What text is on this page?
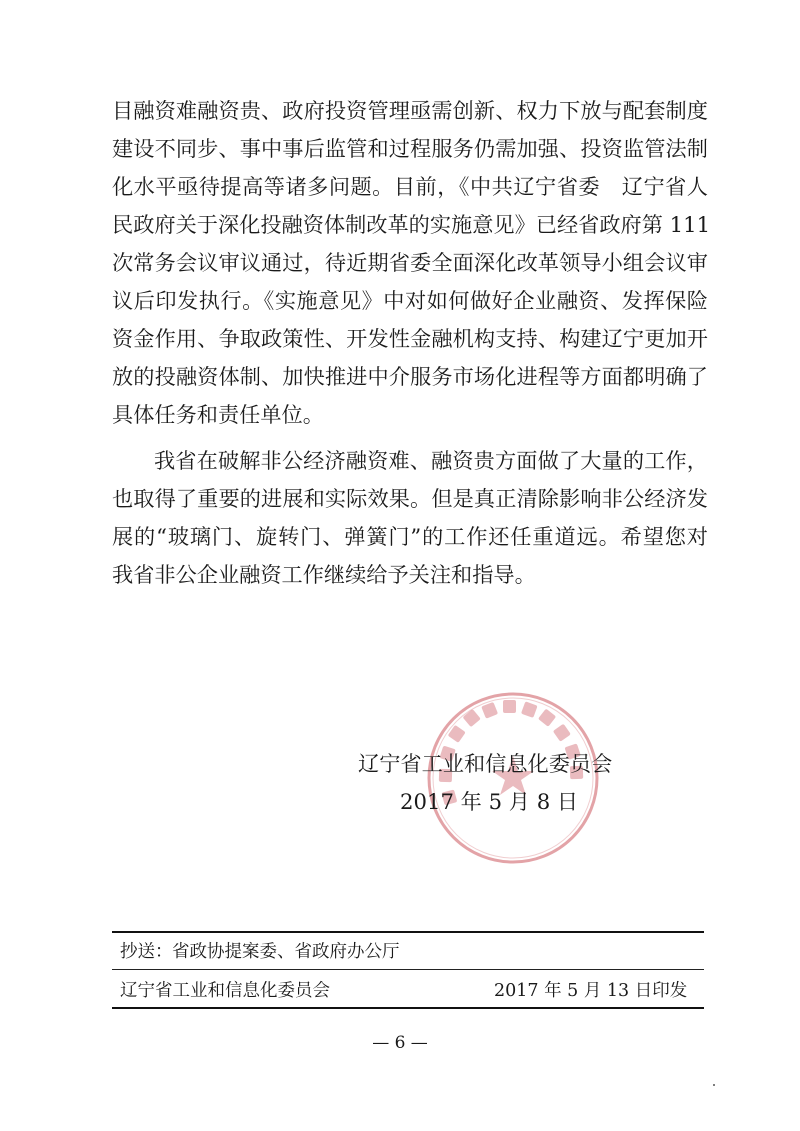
目融资难融资贵、政府投资管理亟需创新、权力下放与配套制度
建设不同步、事中事后监管和过程服务仍需加强、投资监管法制
化水平亟待提高等诸多问题。目前，《中共辽宁省委　辽宁省人
民政府关于深化投融资体制改革的实施意见》已经省政府第 111
次常务会议审议通过，待近期省委全面深化改革领导小组会议审
议后印发执行。《实施意见》中对如何做好企业融资、发挥保险
资金作用、争取政策性、开发性金融机构支持、构建辽宁更加开
放的投融资体制、加快推进中介服务市场化进程等方面都明确了
具体任务和责任单位。
我省在破解非公经济融资难、融资贵方面做了大量的工作，
也取得了重要的进展和实际效果。但是真正清除影响非公经济发
展的“玻璃门、旋转门、弹簧门”的工作还任重道远。希望您对
我省非公企业融资工作继续给予关注和指导。
辽宁省工业和信息化委员会
2017 年 5 月 8 日
抄送： 省政协提案委、省政府办公厅
辽宁省工业和信息化委员会	2017 年 5 月 13 日印发
— 6 —
